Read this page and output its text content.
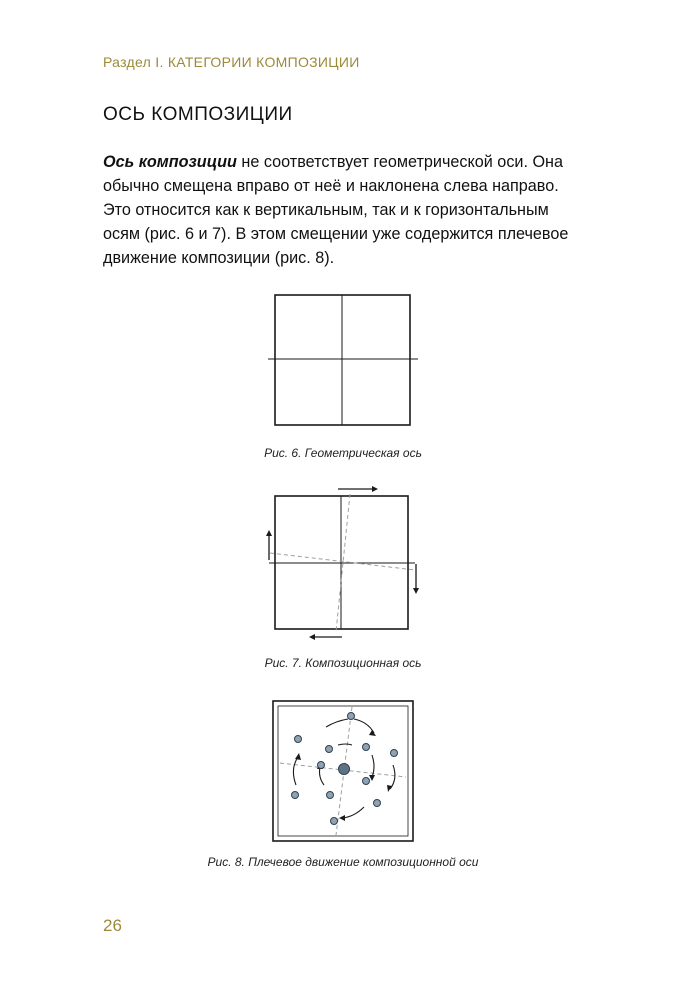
Раздел I. КАТЕГОРИИ КОМПОЗИЦИИ
ОСЬ КОМПОЗИЦИИ
Ось композиции не соответствует геометрической оси. Она обычно смещена вправо от неё и наклонена слева направо. Это относится как к вертикальным, так и к горизонтальным осям (рис. 6 и 7). В этом смещении уже содержится плечевое движение композиции (рис. 8).
Рис. 6. Геометрическая ось
Рис. 7. Композиционная ось
Рис. 8. Плечевое движение композиционной оси
26
